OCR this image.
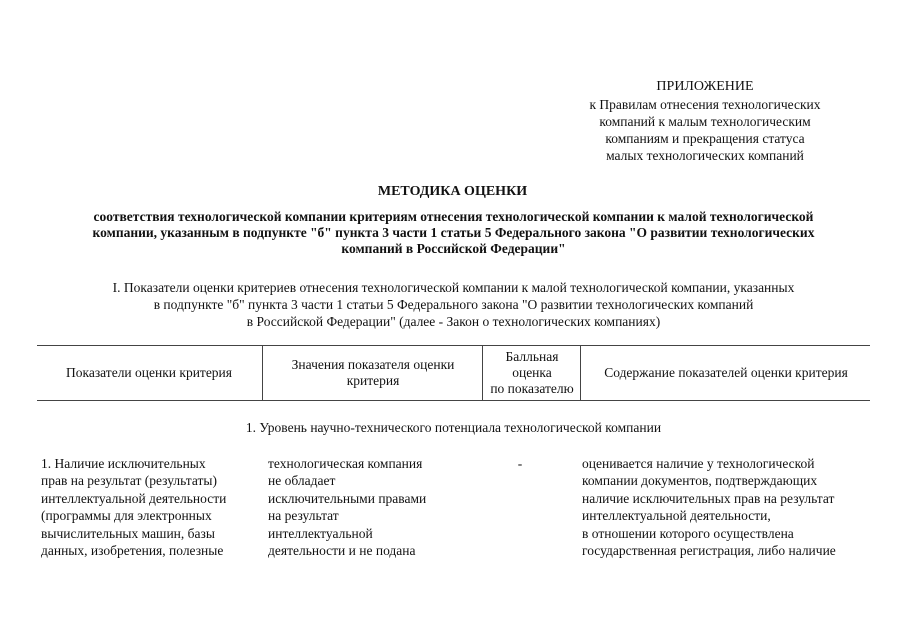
ПРИЛОЖЕНИЕ
к Правилам отнесения технологических
компаний к малым технологическим
компаниям и прекращения статуса
малых технологических компаний
МЕТОДИКА ОЦЕНКИ
соответствия технологической компании критериям отнесения технологической компании к малой технологической
компании, указанным в подпункте "б" пункта 3 части 1 статьи 5 Федерального закона "О развитии технологических
компаний в Российской Федерации"
I. Показатели оценки критериев отнесения технологической компании к малой технологической компании, указанных
в подпункте "б" пункта 3 части 1 статьи 5 Федерального закона "О развитии технологических компаний
в Российской Федерации" (далее - Закон о технологических компаниях)
Показатели оценки критерия
Значения показателя оценки
критерия
Балльная
оценка
по показателю
Содержание показателей оценки критерия
1. Уровень научно-технического потенциала технологической компании
1. Наличие исключительных
прав на результат (результаты)
интеллектуальной деятельности
(программы для электронных
вычислительных машин, базы
данных, изобретения, полезные
технологическая компания
не обладает
исключительными правами
на результат
интеллектуальной
деятельности и не подана
-	оценивается наличие у технологической
компании документов, подтверждающих
наличие исключительных прав на результат
интеллектуальной деятельности,
в отношении которого осуществлена
государственная регистрация, либо наличие
